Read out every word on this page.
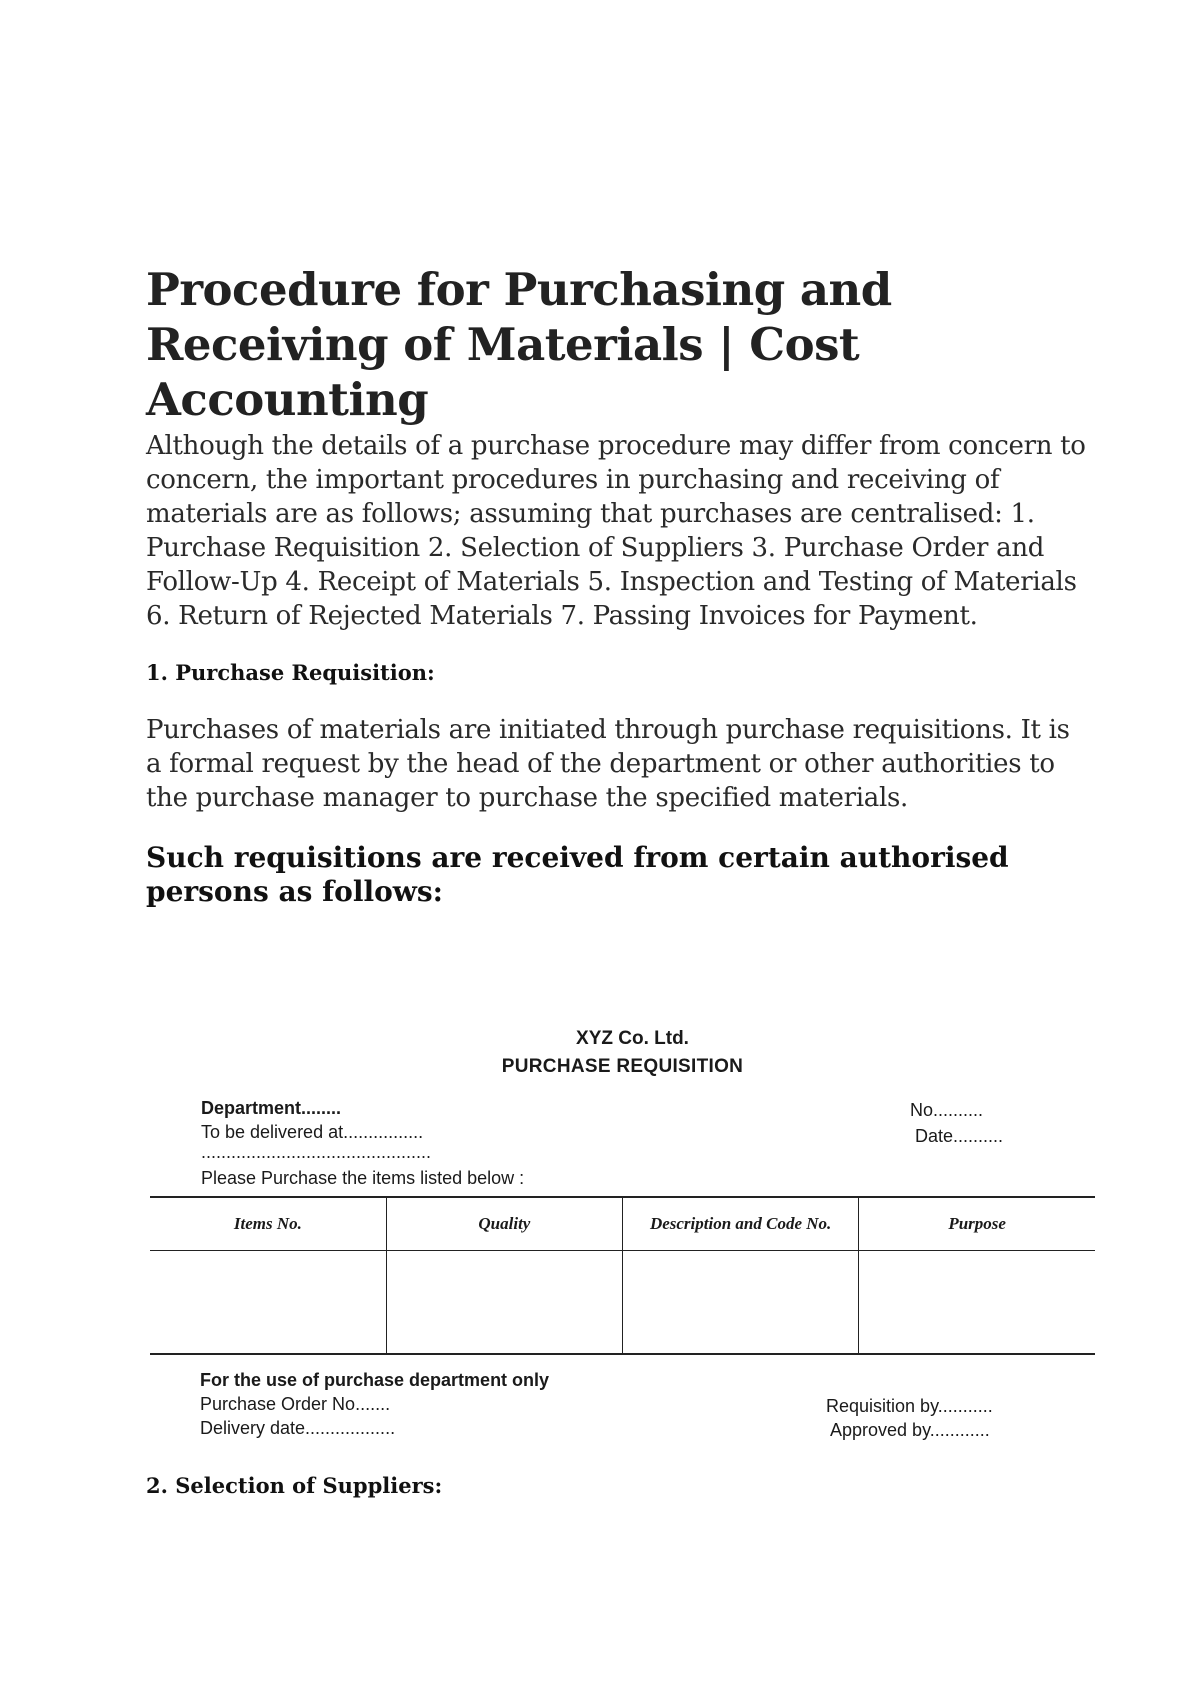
Procedure for Purchasing and Receiving of Materials | Cost Accounting

Although the details of a purchase procedure may differ from concern to concern, the important procedures in purchasing and receiving of materials are as follows; assuming that purchases are centralised: 1. Purchase Requisition 2. Selection of Suppliers 3. Purchase Order and Follow-Up 4. Receipt of Materials 5. Inspection and Testing of Materials 6. Return of Rejected Materials 7. Passing Invoices for Payment.

1. Purchase Requisition:

Purchases of materials are initiated through purchase requisitions. It is a formal request by the head of the department or other authorities to the purchase manager to purchase the specified materials.

Such requisitions are received from certain authorised persons as follows:
XYZ Co. Ltd.
PURCHASE REQUISITION
Department........
To be delivered at................
..............................................
No..........
Date..........
Please Purchase the items listed below :
Items No.	Quality	Description and Code No.	Purpose

For the use of purchase department only
Purchase Order No.......
Delivery date..................
Requisition by...........
Approved by............
2. Selection of Suppliers:
